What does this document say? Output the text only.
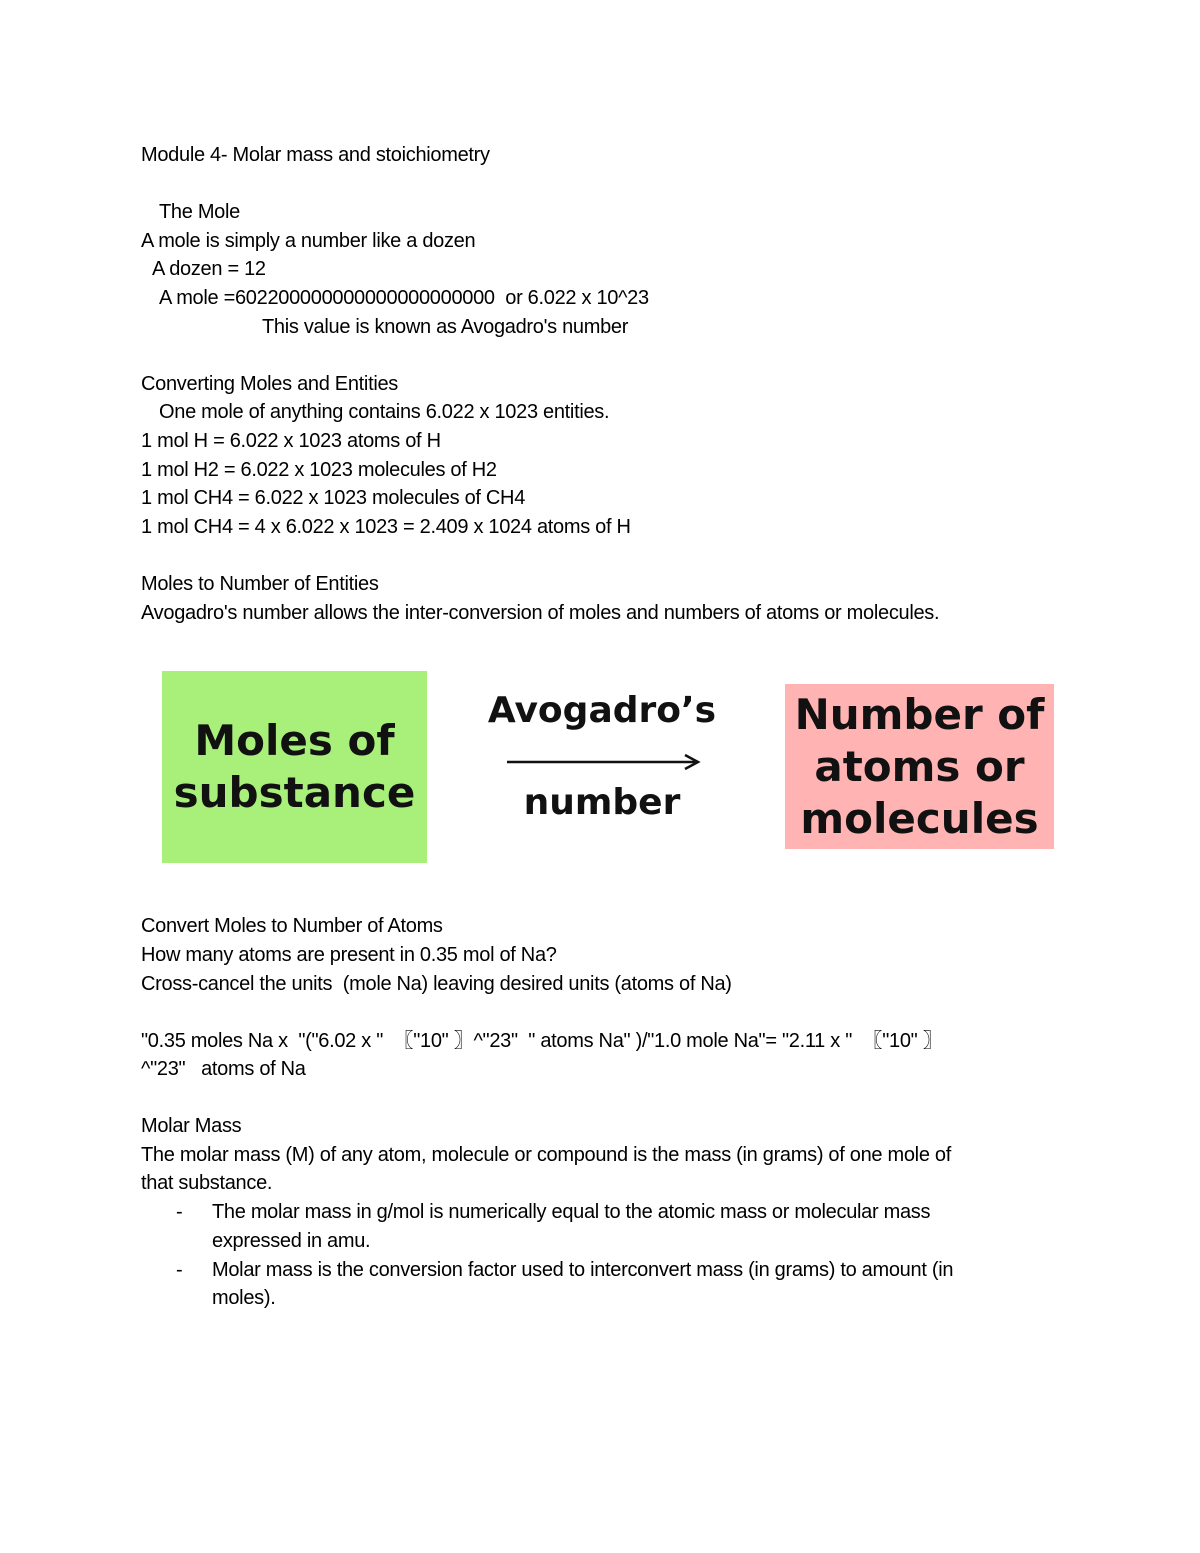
Module 4- Molar mass and stoichiometry
The Mole
A mole is simply a number like a dozen
A dozen = 12
A mole =602200000000000000000000  or 6.022 x 10^23
This value is known as Avogadro's number
Converting Moles and Entities
One mole of anything contains 6.022 x 1023 entities.
1 mol H = 6.022 x 1023 atoms of H
1 mol H2 = 6.022 x 1023 molecules of H2
1 mol CH4 = 6.022 x 1023 molecules of CH4
1 mol CH4 = 4 x 6.022 x 1023 = 2.409 x 1024 atoms of H
Moles to Number of Entities
Avogadro's number allows the inter-conversion of moles and numbers of atoms or molecules.
Moles of
substance
Avogadro’s
number
Number of
atoms or
molecules
Convert Moles to Number of Atoms
How many atoms are present in 0.35 mol of Na?
Cross-cancel the units  (mole Na) leaving desired units (atoms of Na)
"0.35 moles Na x  "("6.02 x "  〖"10" 〗^"23"  " atoms Na" )/"1.0 mole Na"= "2.11 x "  〖"10" 〗
^"23"   atoms of Na
Molar Mass
The molar mass (M) of any atom, molecule or compound is the mass (in grams) of one mole of
that substance.
- The molar mass in g/mol is numerically equal to the atomic mass or molecular mass
expressed in amu.
- Molar mass is the conversion factor used to interconvert mass (in grams) to amount (in
moles).
